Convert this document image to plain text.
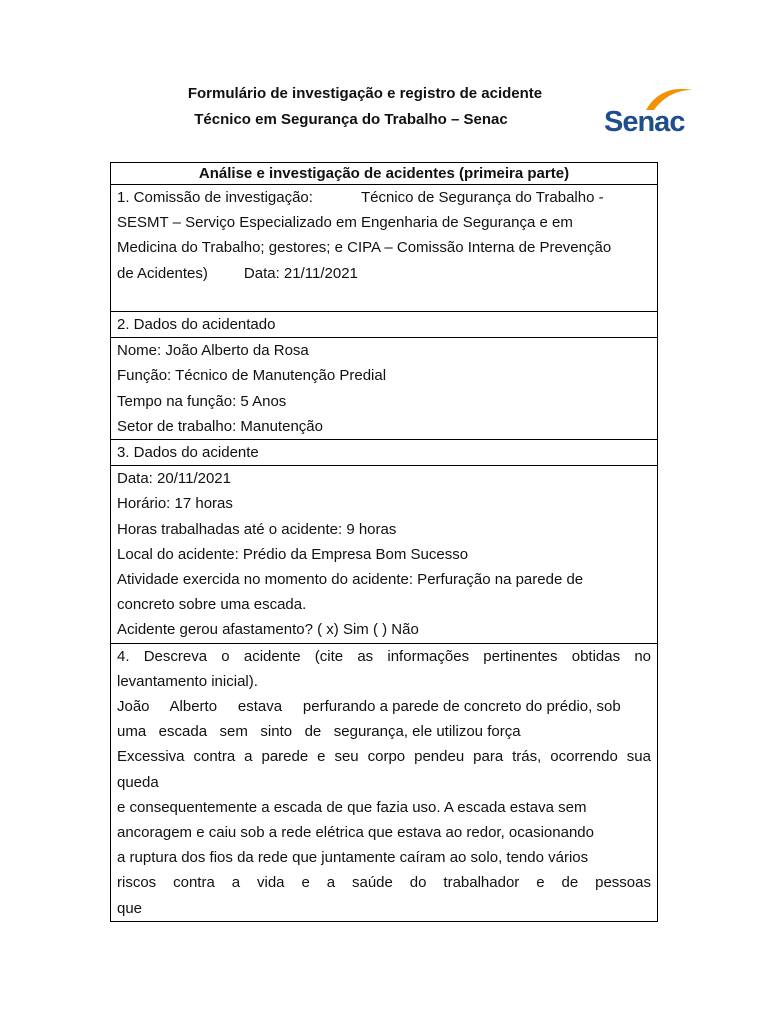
Formulário de investigação e registro de acidente
Técnico em Segurança do Trabalho – Senac	Senac
Análise e investigação de acidentes (primeira parte)

1. Comissão de investigação:	Técnico de Segurança do Trabalho -
SESMT – Serviço Especializado em Engenharia de Segurança e em
Medicina do Trabalho; gestores; e CIPA – Comissão Interna de Prevenção
de Acidentes) Data: 21/11/2021

2. Dados do acidentado

Nome: João Alberto da Rosa
Função: Técnico de Manutenção Predial
Tempo na função: 5 Anos
Setor de trabalho: Manutenção

3. Dados do acidente

Data: 20/11/2021
Horário: 17 horas
Horas trabalhadas até o acidente: 9 horas
Local do acidente: Prédio da Empresa Bom Sucesso
Atividade exercida no momento do acidente: Perfuração na parede de
concreto sobre uma escada.
Acidente gerou afastamento? ( x) Sim ( ) Não

4. Descreva o acidente (cite as informações pertinentes obtidas no
levantamento inicial).
João     Alberto     estava     perfurando a parede de concreto do prédio, sob
uma   escada   sem   sinto   de   segurança, ele utilizou força
Excessiva contra a parede e seu corpo pendeu para trás, ocorrendo sua
queda
e consequentemente a escada de que fazia uso. A escada estava sem
ancoragem e caiu sob a rede elétrica que estava ao redor, ocasionando
a ruptura dos fios da rede que juntamente caíram ao solo, tendo vários
riscos contra a vida e a saúde do trabalhador e de pessoas
que
